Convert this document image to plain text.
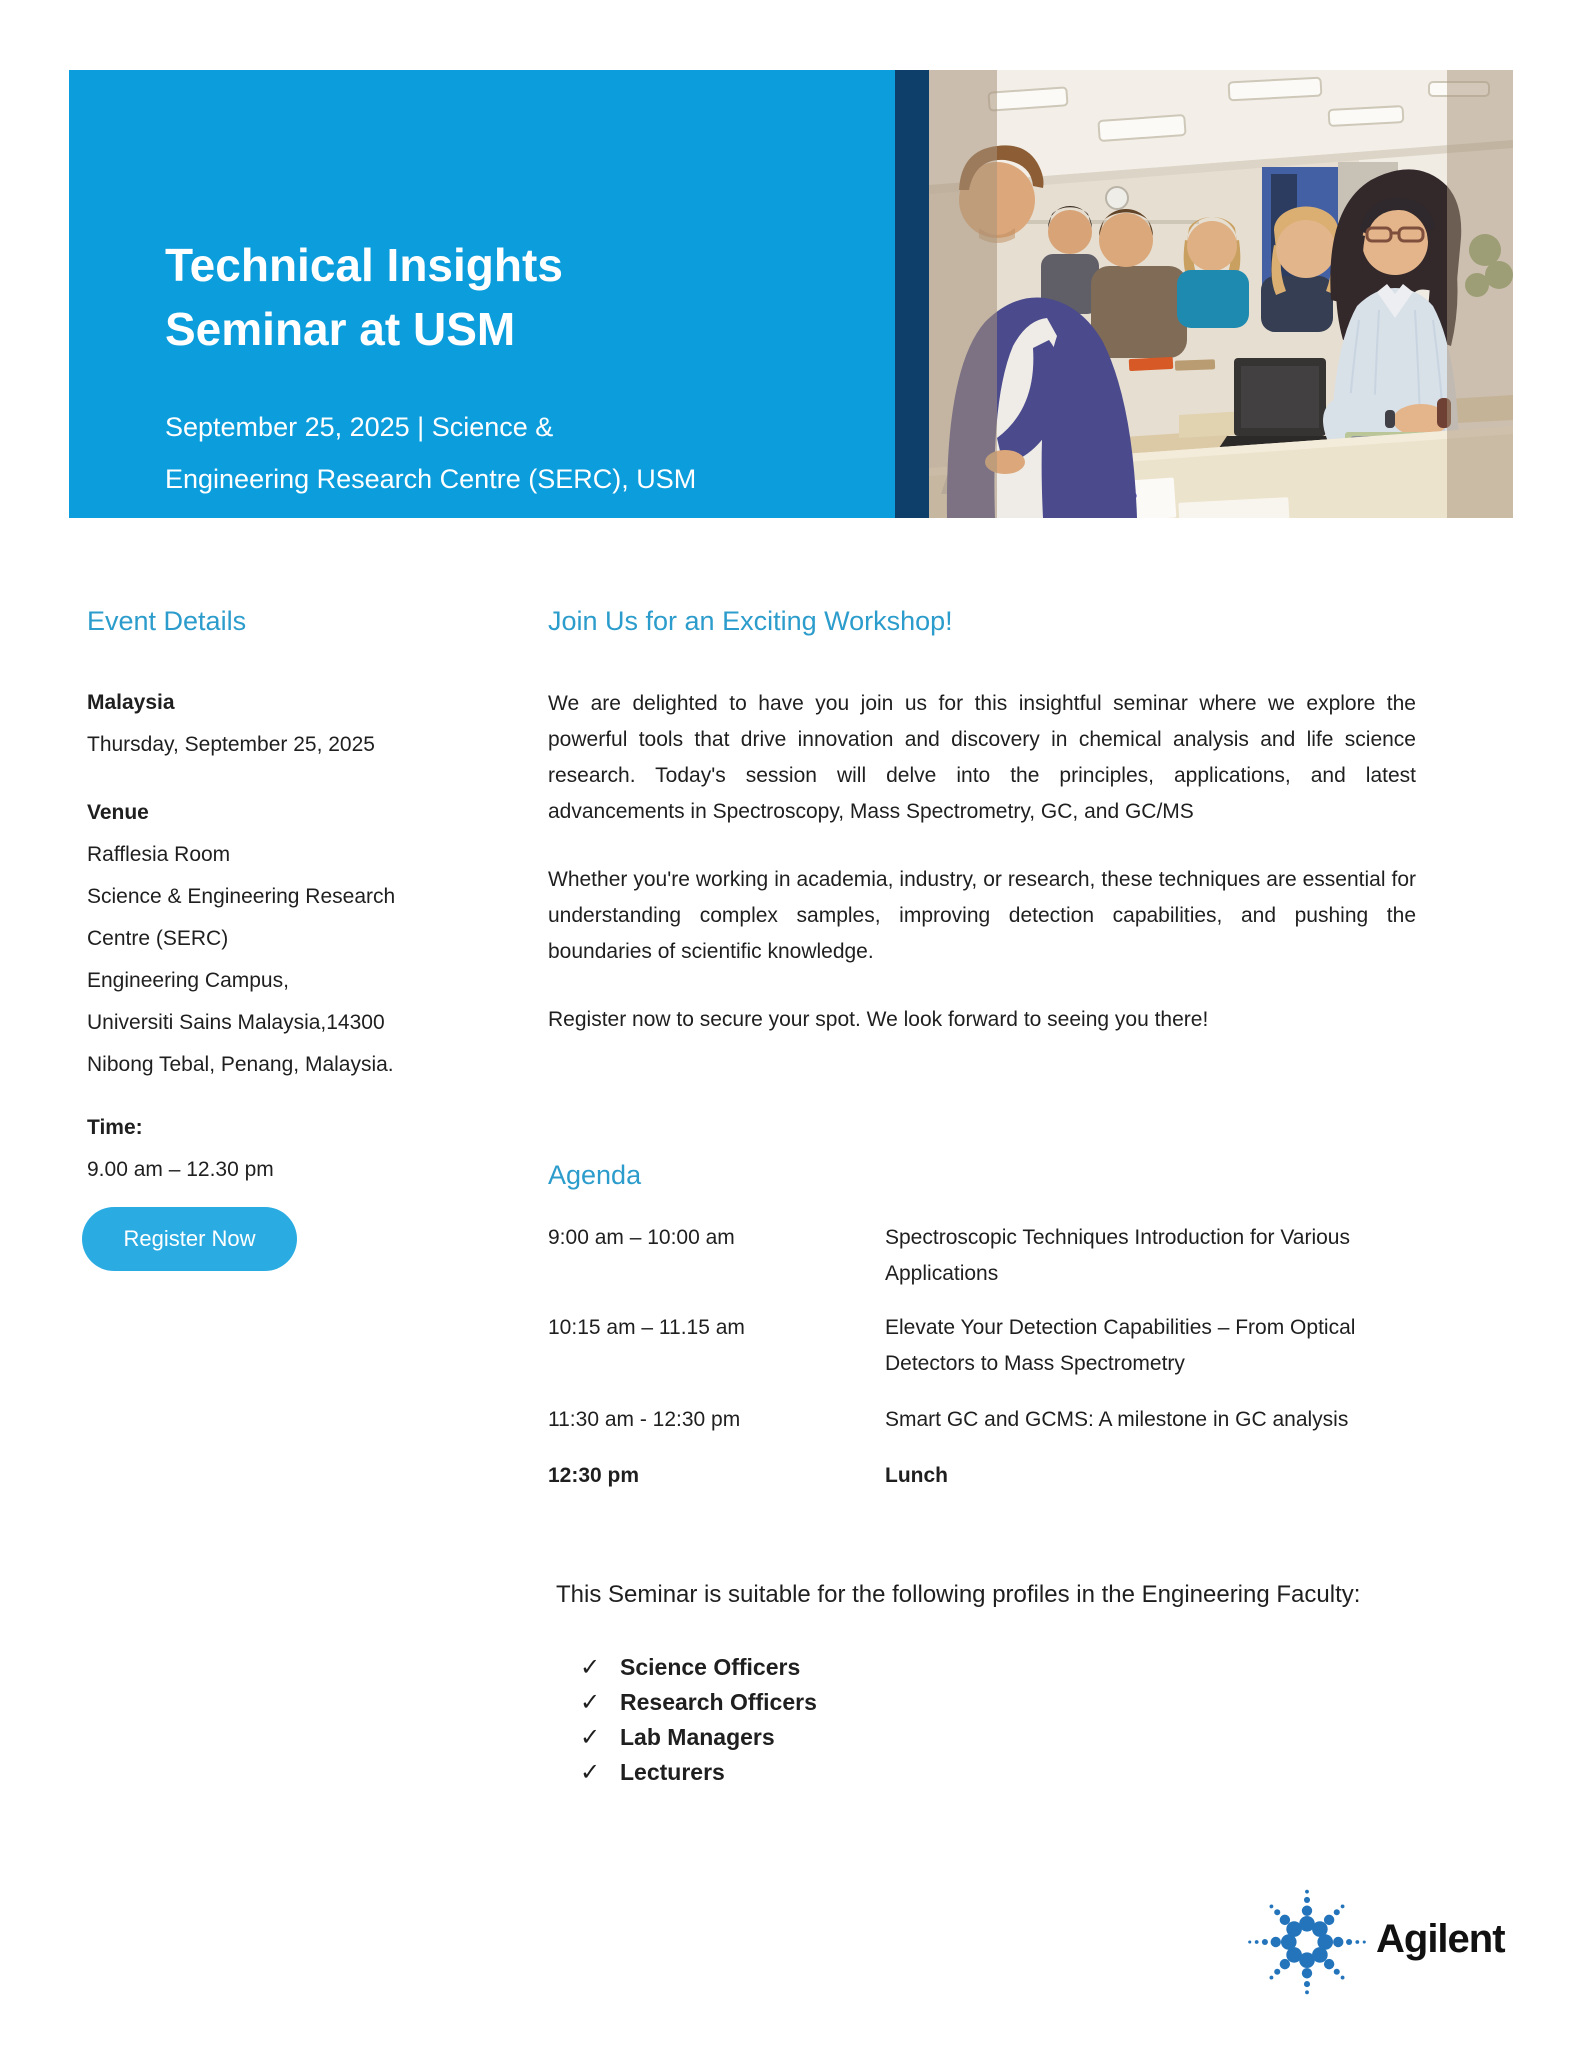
Technical Insights
Seminar at USM

September 25, 2025 | Science &
Engineering Research Centre (SERC), USM

Event Details

Malaysia

Thursday, September 25, 2025

Venue

Rafflesia Room

Science & Engineering Research

Centre (SERC)

Engineering Campus,

Universiti Sains Malaysia,14300

Nibong Tebal, Penang, Malaysia.

Time:

9.00 am – 12.30 pm

Register Now
Join Us for an Exciting Workshop!

We are delighted to have you join us for this insightful seminar where we explore the powerful tools that drive innovation and discovery in chemical analysis and life science research. Today's session will delve into the principles, applications, and latest advancements in Spectroscopy, Mass Spectrometry, GC, and GC/MS

Whether you're working in academia, industry, or research, these techniques are essential for understanding complex samples, improving detection capabilities, and pushing the boundaries of scientific knowledge.

Register now to secure your spot. We look forward to seeing you there!

Agenda
9:00 am – 10:00 am	Spectroscopic Techniques Introduction for Various Applications
10:15 am – 11.15 am	Elevate Your Detection Capabilities – From Optical Detectors to Mass Spectrometry
11:30 am - 12:30 pm	Smart GC and GCMS: A milestone in GC analysis
12:30 pm	Lunch

This Seminar is suitable for the following profiles in the Engineering Faculty:

✓ Science Officers
✓ Research Officers
✓ Lab Managers
✓ Lecturers
Agilent
